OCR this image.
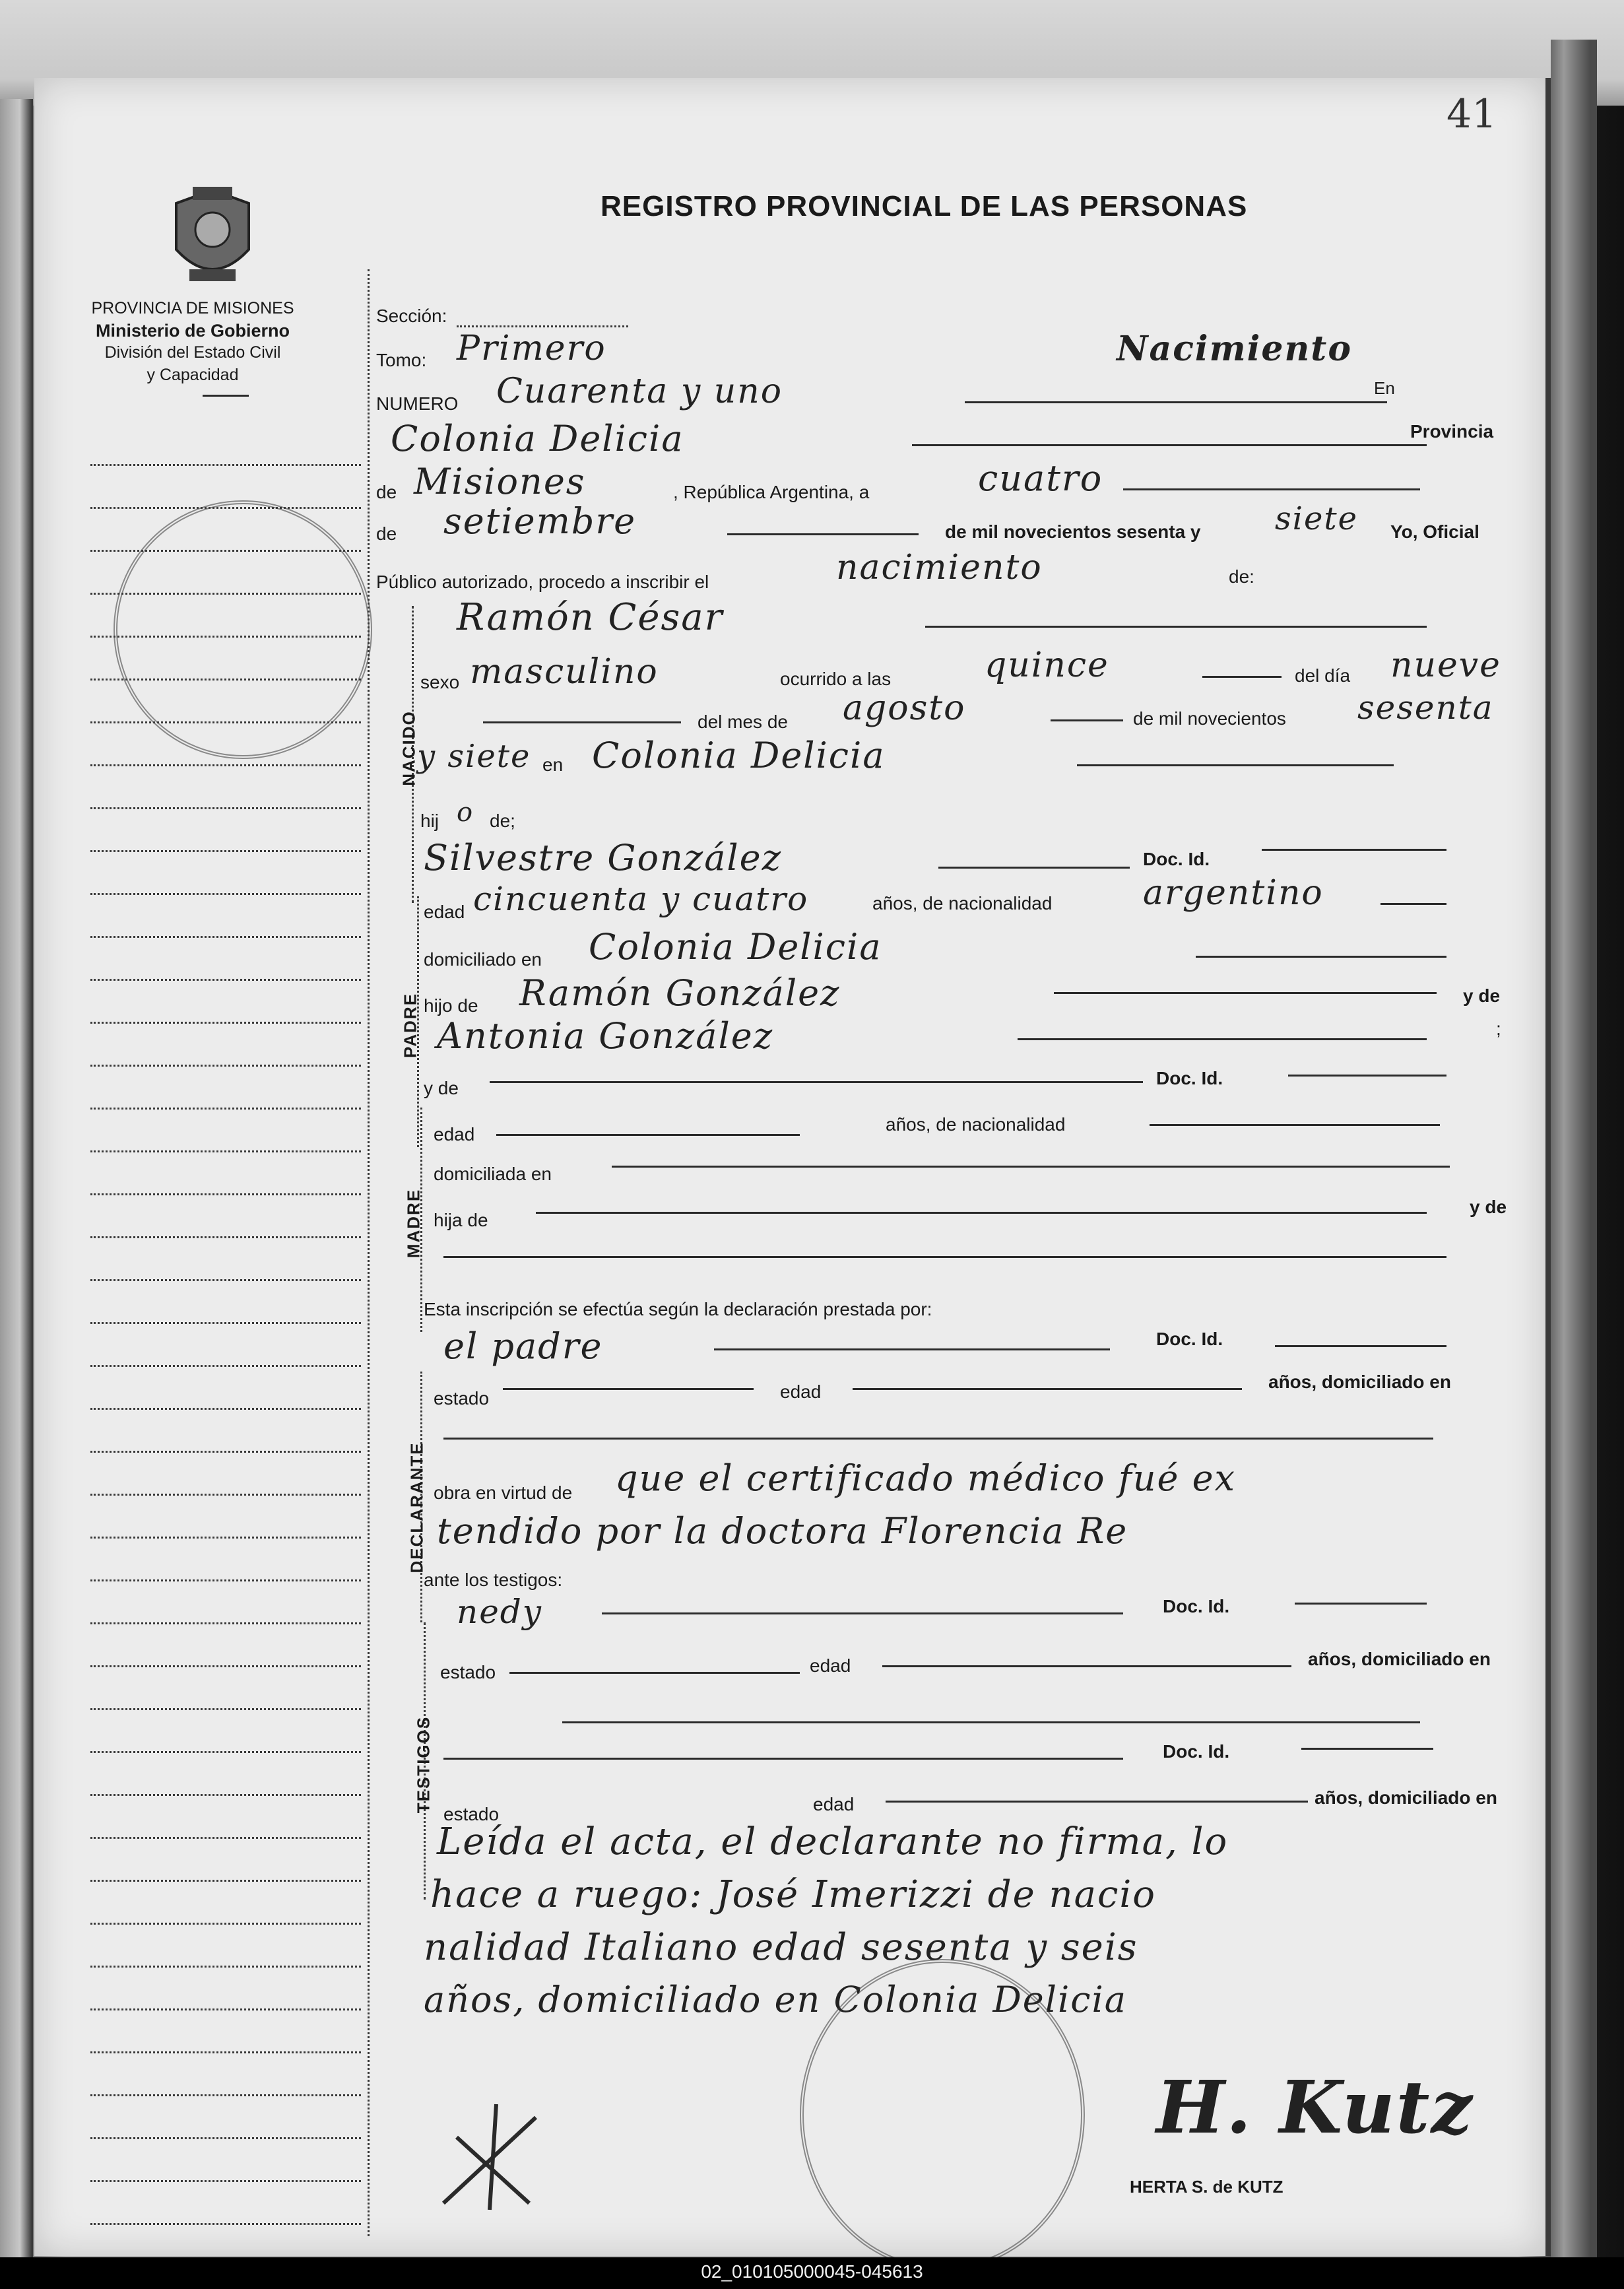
41
PROVINCIA DE MISIONES
Ministerio de Gobierno
División del Estado Civil
y Capacidad
REGISTRO PROVINCIAL DE LAS PERSONAS
Sección:
Tomo: Primero	Nacimiento
NUMERO Cuarenta y uno	En
Colonia Delicia	Provincia
de Misiones	, República Argentina, a	cuatro
de setiembre	de mil novecientos sesenta y siete Yo, Oficial
Público autorizado, procedo a inscribir el	nacimiento	de:
NACIDO
Ramón César
sexo masculino	ocurrido a las	quince	del día nueve
del mes de agosto	de mil novecientos sesenta
y siete en Colonia Delicia
hij o de;
Silvestre González	Doc. Id.
PADRE
edad cincuenta y cuatro	años, de nacionalidad	argentino
domiciliado en Colonia Delicia
hijo de Ramón González	y de
Antonia González	;
y de	Doc. Id.
MADRE
edad	años, de nacionalidad
domiciliada en
hija de
y de
Esta inscripción se efectúa según la declaración prestada por:
el padre	Doc. Id.
DECLARANTE
estado	edad	años, domiciliado en
obra en virtud de que el certificado médico fué ex
tendido por la doctora Florencia Re
ante los testigos:
nedy	Doc. Id.
TESTIGOS
estado	edad	años, domiciliado en
Doc. Id.
estado	edad	años, domiciliado en
Leída el acta, el declarante no firma, lo
hace a ruego: José Imerizzi de nacio
nalidad Italiano edad sesenta y seis
años, domiciliado en Colonia Delicia
H. Kutz
HERTA S. de KUTZ
02_010105000045-045613
